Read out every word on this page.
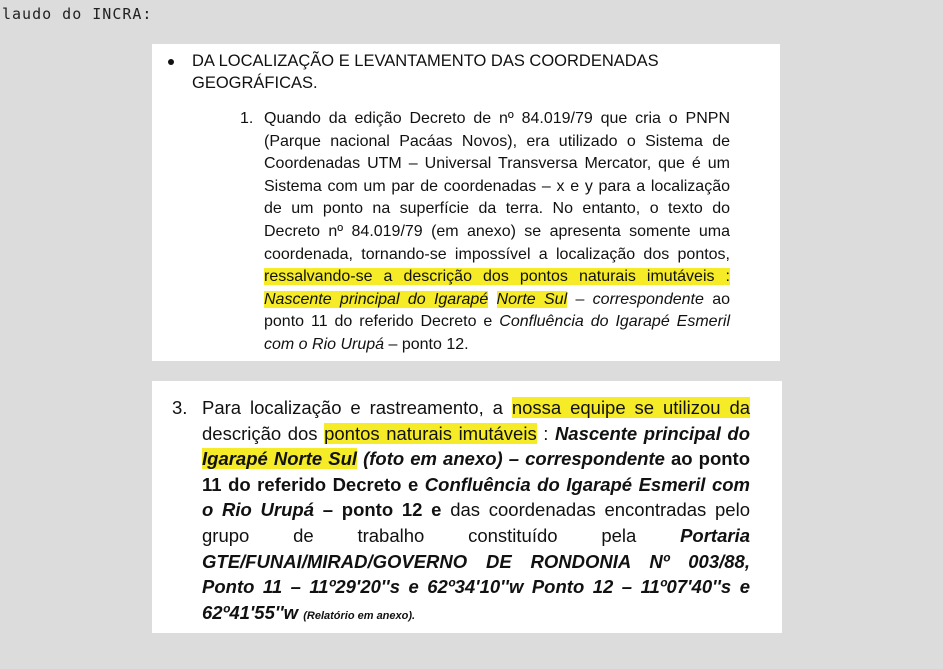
laudo do INCRA:

DA LOCALIZAÇÃO E LEVANTAMENTO DAS COORDENADAS
GEOGRÁFICAS.
1. Quando da edição Decreto de nº 84.019/79 que cria o PNPN (Parque nacional Pacáas Novos), era utilizado o Sistema de Coordenadas UTM – Universal Transversa Mercator, que é um Sistema com um par de coordenadas – x e y para a localização de um ponto na superfície da terra. No entanto, o texto do Decreto nº 84.019/79 (em anexo) se apresenta somente uma coordenada, tornando-se impossível a localização dos pontos, ressalvando-se a descrição dos pontos naturais imutáveis : Nascente principal do Igarapé Norte Sul – correspondente ao ponto 11 do referido Decreto e Confluência do Igarapé Esmeril com o Rio Urupá – ponto 12.

3. Para localização e rastreamento, a nossa equipe se utilizou da descrição dos pontos naturais imutáveis : Nascente principal do Igarapé Norte Sul (foto em anexo) – correspondente ao ponto 11 do referido Decreto e Confluência do Igarapé Esmeril com o Rio Urupá – ponto 12 e das coordenadas encontradas pelo grupo de trabalho constituído pela Portaria GTE/FUNAI/MIRAD/GOVERNO DE RONDONIA Nº 003/88, Ponto 11 – 11º29'20''s e 62º34'10''w Ponto 12 – 11º07'40''s e 62º41'55''w (Relatório em anexo).
